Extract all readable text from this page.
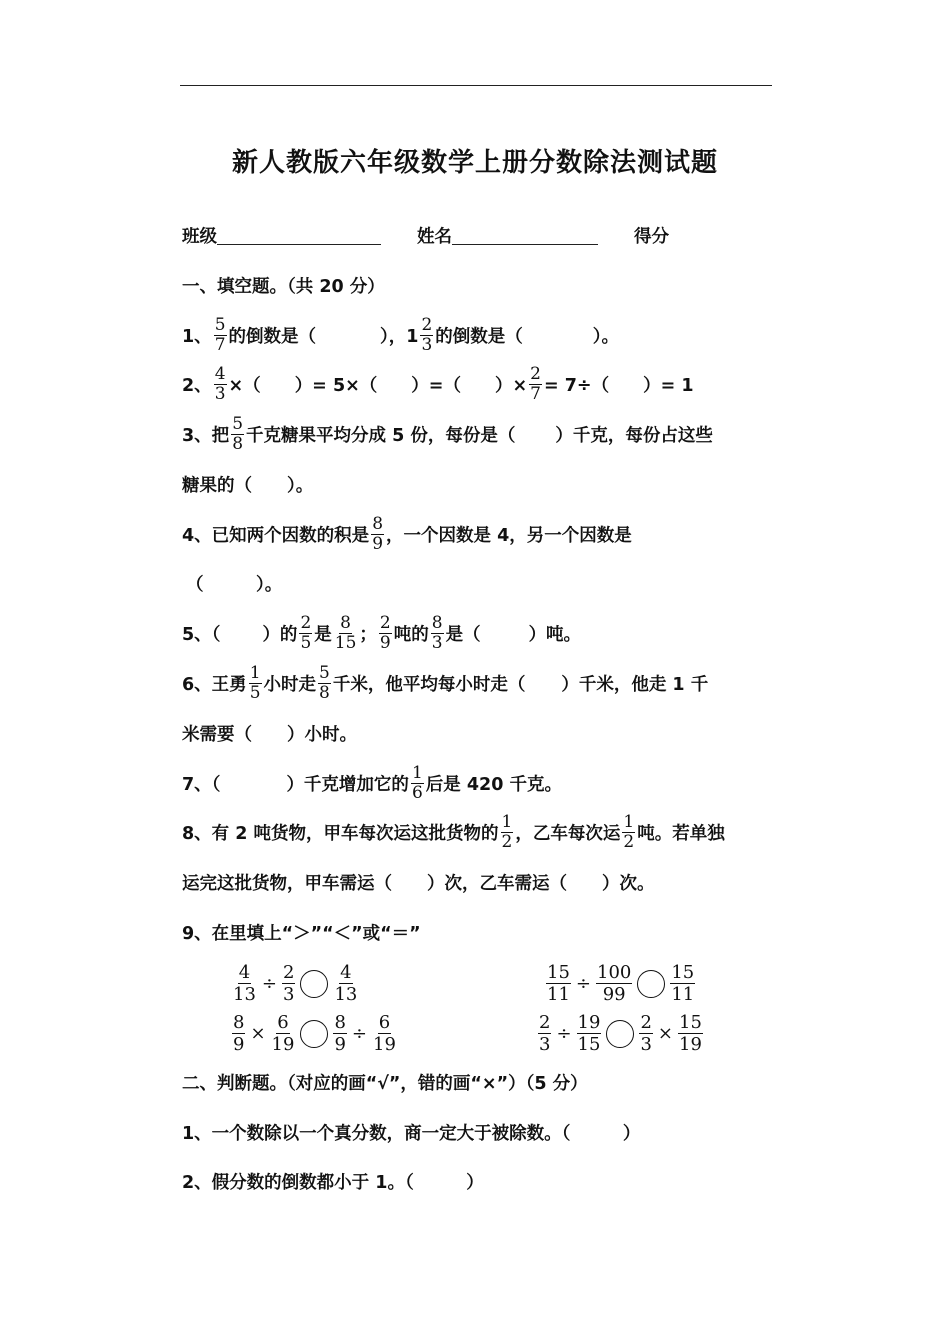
新人教版六年级数学上册分数除法测试题
班级	姓名	得分
一、填空题。（共 20 分）
1、 $\frac{5}{7}$ 的倒数是（	），$1 \frac{2}{3}$ 的倒数是（	）。
2、 $\frac{4}{3}$ ×（ ）= 5×（ ）=（ ）× $\frac{2}{7} = 7\div$（ ）= 1
3、把 $\frac{5}{8}$ 千克糖果平均分成 5 份，每份是（ ）千克，每份占这些
糖果的（　　）。
4、已知两个因数的积是 $\frac{8}{9}$ ，一个因数是 4，另一个因数是
（　　　）。
5、（ ）的 $\frac{2}{5}$ 是 $\frac{8}{15}$ ； $\frac{2}{9}$ 吨的 $\frac{8}{3}$ 是（	）吨。
6、王勇 $\frac{1}{5}$ 小时走 $\frac{5}{8}$ 千米，他平均每小时走（ ）千米，他走 1 千
米需要（　　）小时。
7、（	）千克增加它的 $\frac{1}{6}$ 后是 420 千克。
8、有 2 吨货物，甲车每次运这批货物的 $\frac{1}{2}$ ，乙车每次运 $\frac{1}{2}$ 吨。若单独
运完这批货物，甲车需运（　　）次，乙车需运（　　）次。
9、在里填上“＞”“＜”或“＝”
$\frac{4}{13} \div \frac{2}{3} \frac{4}{13}$	$\frac{15}{11} \div \frac{100}{99} \frac{15}{11}$
$\frac{8}{9} \times \frac{6}{19} \frac{8}{9} \div \frac{6}{19}$	$\frac{2}{3} \div \frac{19}{15} \frac{2}{3} \times \frac{15}{19}$
二、判断题。（对应的画“√”，错的画“×”）（5 分）
1、一个数除以一个真分数，商一定大于被除数。（　　　）
2、假分数的倒数都小于 1。（　　　）
